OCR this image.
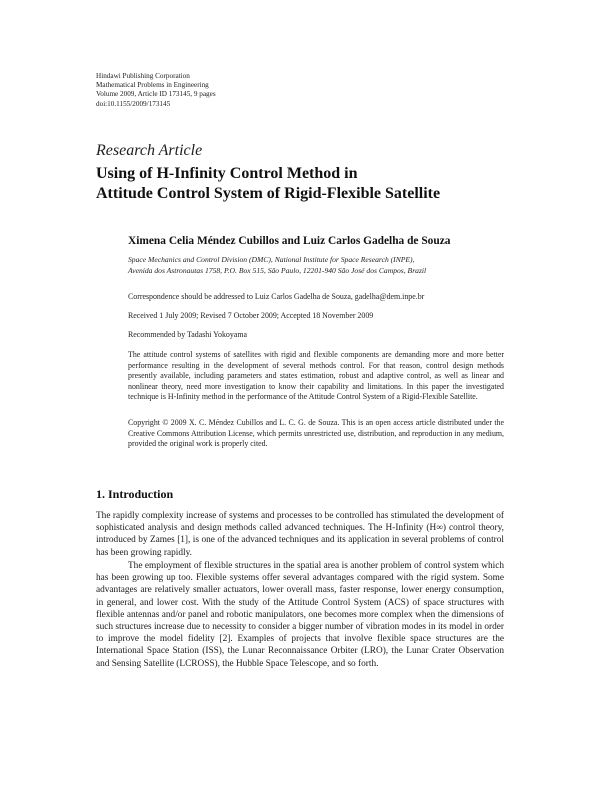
Hindawi Publishing Corporation
Mathematical Problems in Engineering
Volume 2009, Article ID 173145, 9 pages
doi:10.1155/2009/173145
Research Article
Using of H-Infinity Control Method in
Attitude Control System of Rigid-Flexible Satellite
Ximena Celia Méndez Cubillos and Luiz Carlos Gadelha de Souza
Space Mechanics and Control Division (DMC), National Institute for Space Research (INPE),
Avenida dos Astronautas 1758, P.O. Box 515, São Paulo, 12201-940 São José dos Campos, Brazil
Correspondence should be addressed to Luiz Carlos Gadelha de Souza, gadelha@dem.inpe.br
Received 1 July 2009; Revised 7 October 2009; Accepted 18 November 2009
Recommended by Tadashi Yokoyama
The attitude control systems of satellites with rigid and flexible components are demanding more and more better performance resulting in the development of several methods control. For that reason, control design methods presently available, including parameters and states estimation, robust and adaptive control, as well as linear and nonlinear theory, need more investigation to know their capability and limitations. In this paper the investigated technique is H-Infinity method in the performance of the Attitude Control System of a Rigid-Flexible Satellite.
Copyright © 2009 X. C. Méndez Cubillos and L. C. G. de Souza. This is an open access article distributed under the Creative Commons Attribution License, which permits unrestricted use, distribution, and reproduction in any medium, provided the original work is properly cited.
1. Introduction
The rapidly complexity increase of systems and processes to be controlled has stimulated the development of sophisticated analysis and design methods called advanced techniques. The H-Infinity (H∞) control theory, introduced by Zames [1], is one of the advanced techniques and its application in several problems of control has been growing rapidly.
The employment of flexible structures in the spatial area is another problem of control system which has been growing up too. Flexible systems offer several advantages compared with the rigid system. Some advantages are relatively smaller actuators, lower overall mass, faster response, lower energy consumption, in general, and lower cost. With the study of the Attitude Control System (ACS) of space structures with flexible antennas and/or panel and robotic manipulators, one becomes more complex when the dimensions of such structures increase due to necessity to consider a bigger number of vibration modes in its model in order to improve the model fidelity [2]. Examples of projects that involve flexible space structures are the International Space Station (ISS), the Lunar Reconnaissance Orbiter (LRO), the Lunar Crater Observation and Sensing Satellite (LCROSS), the Hubble Space Telescope, and so forth.
